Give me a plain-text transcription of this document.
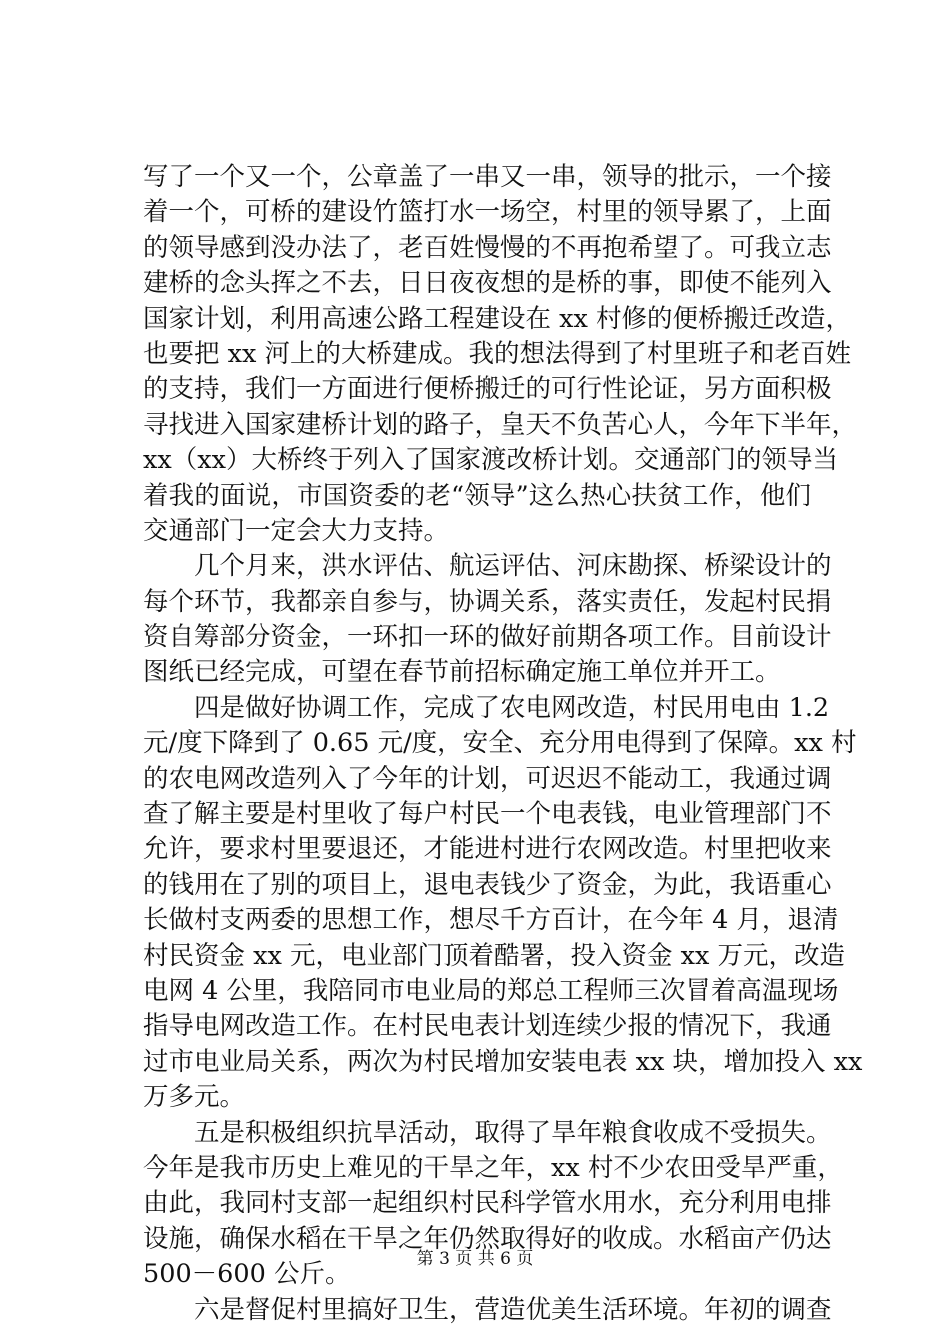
写了一个又一个，公章盖了一串又一串，领导的批示，一个接
着一个，可桥的建设竹篮打水一场空，村里的领导累了，上面
的领导感到没办法了，老百姓慢慢的不再抱希望了。可我立志
建桥的念头挥之不去，日日夜夜想的是桥的事，即使不能列入
国家计划，利用高速公路工程建设在 xx 村修的便桥搬迁改造，
也要把 xx 河上的大桥建成。我的想法得到了村里班子和老百姓
的支持，我们一方面进行便桥搬迁的可行性论证，另方面积极
寻找进入国家建桥计划的路子，皇天不负苦心人，今年下半年，
xx（xx）大桥终于列入了国家渡改桥计划。交通部门的领导当
着我的面说，市国资委的老“领导”这么热心扶贫工作，他们
交通部门一定会大力支持。
　　几个月来，洪水评估、航运评估、河床勘探、桥梁设计的
每个环节，我都亲自参与，协调关系，落实责任，发起村民捐
资自筹部分资金，一环扣一环的做好前期各项工作。目前设计
图纸已经完成，可望在春节前招标确定施工单位并开工。
　　四是做好协调工作，完成了农电网改造，村民用电由 1.2
元/度下降到了 0.65 元/度，安全、充分用电得到了保障。xx 村
的农电网改造列入了今年的计划，可迟迟不能动工，我通过调
查了解主要是村里收了每户村民一个电表钱，电业管理部门不
允许，要求村里要退还，才能进村进行农网改造。村里把收来
的钱用在了别的项目上，退电表钱少了资金，为此，我语重心
长做村支两委的思想工作，想尽千方百计，在今年 4 月，退清
村民资金 xx 元，电业部门顶着酷署，投入资金 xx 万元，改造
电网 4 公里，我陪同市电业局的郑总工程师三次冒着高温现场
指导电网改造工作。在村民电表计划连续少报的情况下，我通
过市电业局关系，两次为村民增加安装电表 xx 块，增加投入 xx
万多元。
　　五是积极组织抗旱活动，取得了旱年粮食收成不受损失。
今年是我市历史上难见的干旱之年，xx 村不少农田受旱严重，
由此，我同村支部一起组织村民科学管水用水，充分利用电排
设施，确保水稻在干旱之年仍然取得好的收成。水稻亩产仍达
500－600 公斤。
　　六是督促村里搞好卫生，营造优美生活环境。年初的调查
第 3 页 共 6 页
